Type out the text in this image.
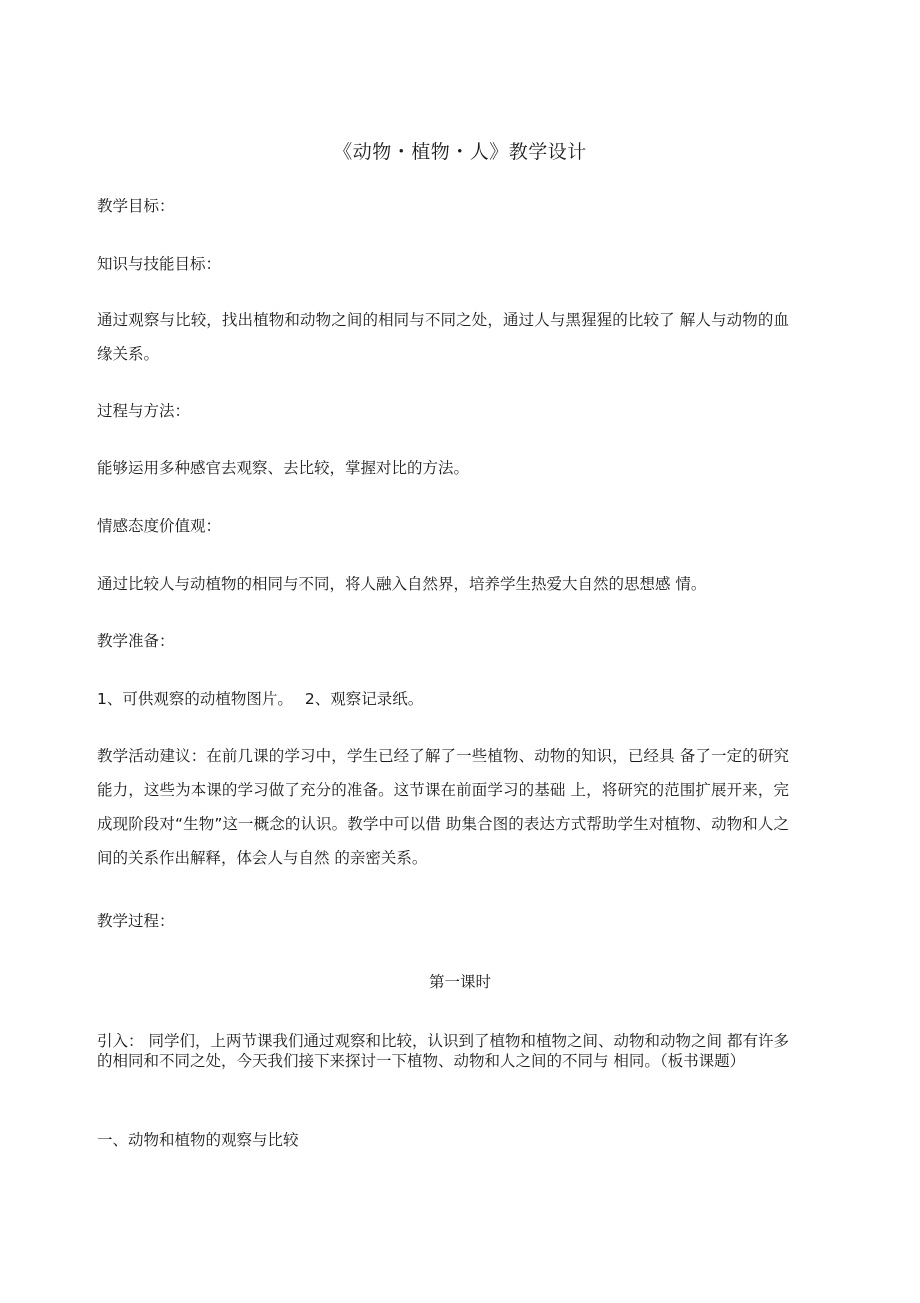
《动物・植物・人》教学设计
教学目标：
知识与技能目标：
通过观察与比较，找出植物和动物之间的相同与不同之处，通过人与黑猩猩的比较了 解人与动物的血缘关系。
过程与方法：
能够运用多种感官去观察、去比较，掌握对比的方法。
情感态度价值观：
通过比较人与动植物的相同与不同，将人融入自然界，培养学生热爱大自然的思想感 情。
教学准备：
1、可供观察的动植物图片。 2、观察记录纸。
教学活动建议：在前几课的学习中，学生已经了解了一些植物、动物的知识，已经具 备了一定的研究能力，这些为本课的学习做了充分的准备。这节课在前面学习的基础 上，将研究的范围扩展开来，完成现阶段对“生物”这一概念的认识。教学中可以借 助集合图的表达方式帮助学生对植物、动物和人之间的关系作出解释，体会人与自然 的亲密关系。
教学过程：
第一课时
引入： 同学们，上两节课我们通过观察和比较，认识到了植物和植物之间、动物和动物之间 都有许多的相同和不同之处，今天我们接下来探讨一下植物、动物和人之间的不同与 相同。（板书课题）
一、动物和植物的观察与比较
